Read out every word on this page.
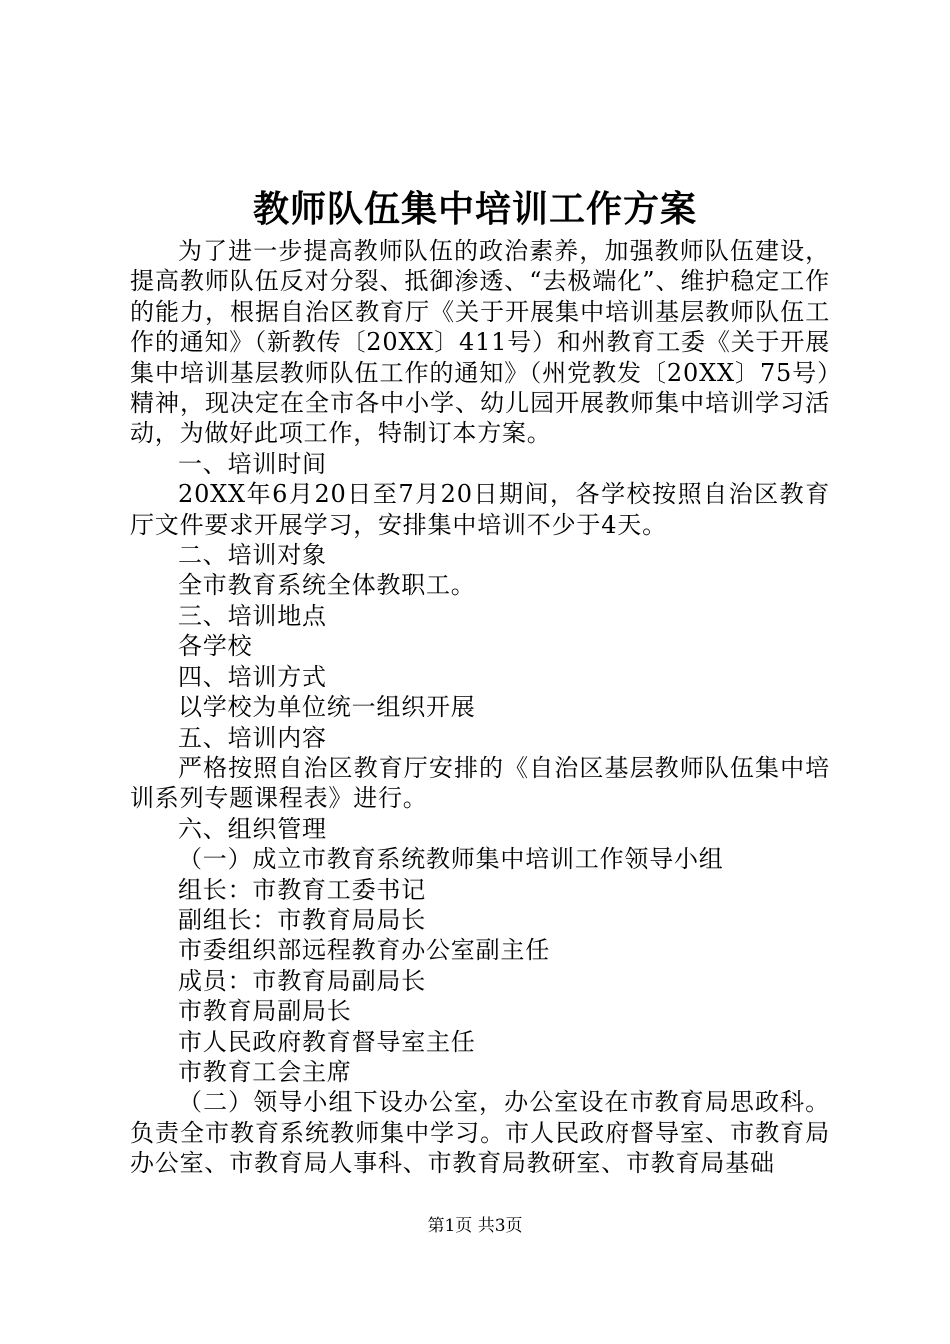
教师队伍集中培训工作方案

为了进一步提高教师队伍的政治素养，加强教师队伍建设，提高教师队伍反对分裂、抵御渗透、“去极端化”、维护稳定工作的能力，根据自治区教育厅《关于开展集中培训基层教师队伍工作的通知》（新教传〔20XX〕411号）和州教育工委《关于开展集中培训基层教师队伍工作的通知》（州党教发〔20XX〕75号）精神，现决定在全市各中小学、幼儿园开展教师集中培训学习活动，为做好此项工作，特制订本方案。

一、培训时间

20XX年6月20日至7月20日期间，各学校按照自治区教育厅文件要求开展学习，安排集中培训不少于4天。

二、培训对象

全市教育系统全体教职工。

三、培训地点

各学校

四、培训方式

以学校为单位统一组织开展

五、培训内容

严格按照自治区教育厅安排的《自治区基层教师队伍集中培训系列专题课程表》进行。

六、组织管理

（一）成立市教育系统教师集中培训工作领导小组

组长：市教育工委书记

副组长：市教育局局长

市委组织部远程教育办公室副主任

成员：市教育局副局长

市教育局副局长

市人民政府教育督导室主任

市教育工会主席

（二）领导小组下设办公室，办公室设在市教育局思政科。负责全市教育系统教师集中学习。市人民政府督导室、市教育局办公室、市教育局人事科、市教育局教研室、市教育局基础

第1页 共3页
